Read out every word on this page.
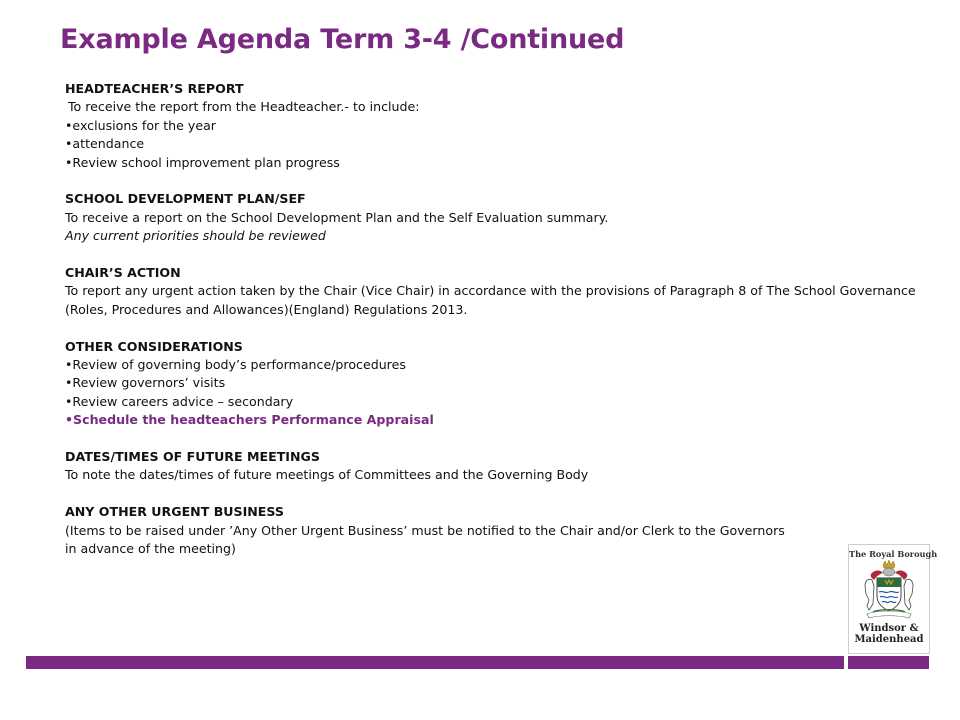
Example Agenda Term 3-4 /Continued
HEADTEACHER’S REPORT
To receive the report from the Headteacher.- to include:
•exclusions for the year
•attendance
•Review school improvement plan progress
SCHOOL DEVELOPMENT PLAN/SEF
To receive a report on the School Development Plan and the Self Evaluation summary.
Any current priorities should be reviewed
CHAIR’S ACTION
To report any urgent action taken by the Chair (Vice Chair) in accordance with the provisions of Paragraph 8 of The School Governance (Roles, Procedures and Allowances)(England) Regulations 2013.
OTHER CONSIDERATIONS
•Review of governing body’s performance/procedures
•Review governors’ visits
•Review careers advice – secondary
•Schedule the headteachers Performance Appraisal
DATES/TIMES OF FUTURE MEETINGS
To note the dates/times of future meetings of Committees and the Governing Body
ANY OTHER URGENT BUSINESS
(Items to be raised under ’Any Other Urgent Business’ must be notified to the Chair and/or Clerk to the Governors
in advance of the meeting)	The Royal Borough
Windsor &
Maidenhead
